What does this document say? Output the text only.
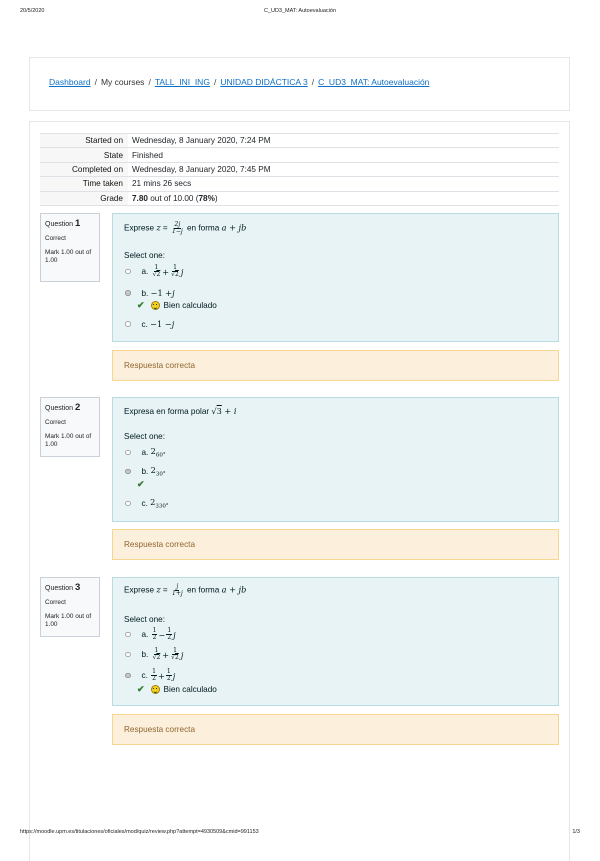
20/5/2020	C_UD3_MAT: Autoevaluación
Dashboard / My courses / TALL_INI_ING / UNIDAD DIDÁCTICA 3 / C_UD3_MAT: Autoevaluación
Started on	Wednesday, 8 January 2020, 7:24 PM
State	Finished
Completed on	Wednesday, 8 January 2020, 7:45 PM
Time taken	21 mins 26 secs
Grade	7.80 out of 10.00 (78%)
Question 1
Correct
Mark 1.00 out of 1.00
Exprese $z = \frac{2j}{1-j}$ en forma a + jb
Select one:
a.
$\frac{1}{√2} + \frac{1}{√2}$ j
b.
−1 + j
✔ Bien calculado
c.
−1 − j
Respuesta correcta
Question 2
Correct
Mark 1.00 out of 1.00
Expresa en forma polar √3 + i
Select one:
a.
$2_{60^\circ}$
b.
$2_{30^\circ}$
✔
c.
$2_{330^\circ}$
Respuesta correcta
Question 3
Correct
Mark 1.00 out of 1.00
Exprese $z = \frac{j}{1+j}$ en forma a + jb
Select one:
a.
$\frac{1}{2} - \frac{1}{2}$ j
b.
$\frac{1}{√2} + \frac{1}{√2}$ j
c.
$\frac{1}{2} + \frac{1}{2}$ j
✔ Bien calculado
Respuesta correcta
https://moodle.upm.es/titulaciones/oficiales/mod/quiz/review.php?attempt=4930509&cmid=991153	1/3
